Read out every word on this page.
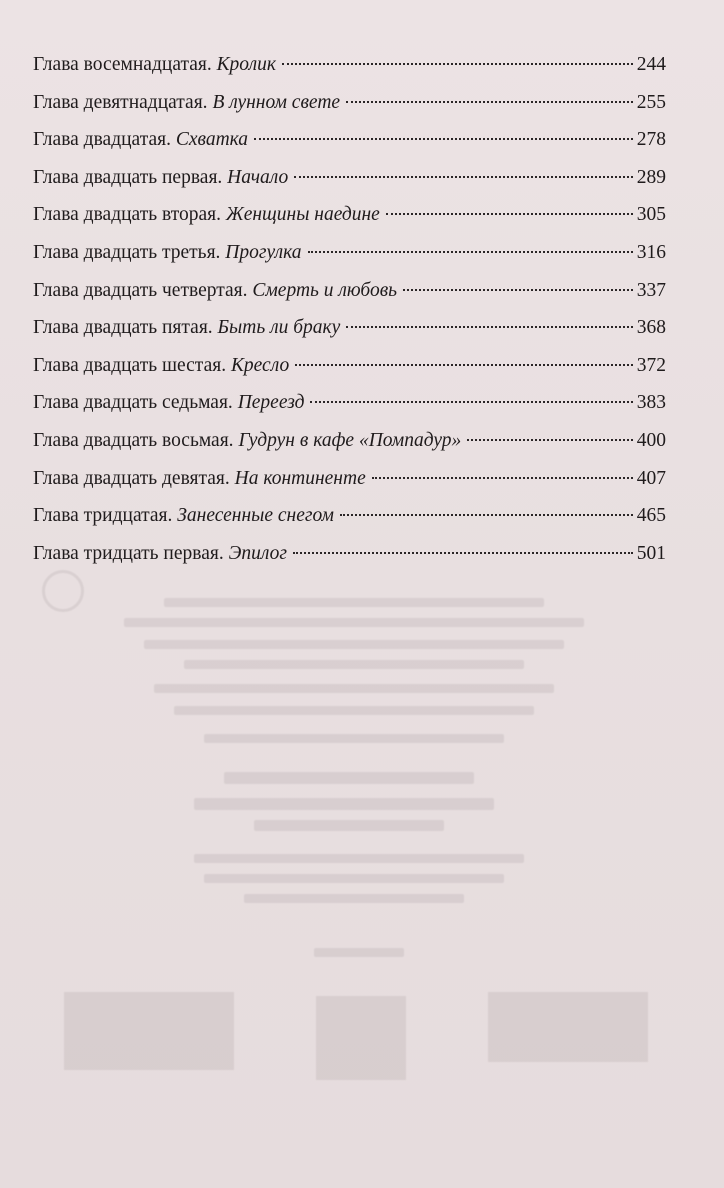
Глава восемнадцатая. Кролик	244
Глава девятнадцатая. В лунном свете	255
Глава двадцатая. Схватка	278
Глава двадцать первая. Начало	289
Глава двадцать вторая. Женщины наедине	305
Глава двадцать третья. Прогулка	316
Глава двадцать четвертая. Смерть и любовь	337
Глава двадцать пятая. Быть ли браку	368
Глава двадцать шестая. Кресло	372
Глава двадцать седьмая. Переезд	383
Глава двадцать восьмая. Гудрун в кафе «Помпадур»	400
Глава двадцать девятая. На континенте	407
Глава тридцатая. Занесенные снегом	465
Глава тридцать первая. Эпилог	501
